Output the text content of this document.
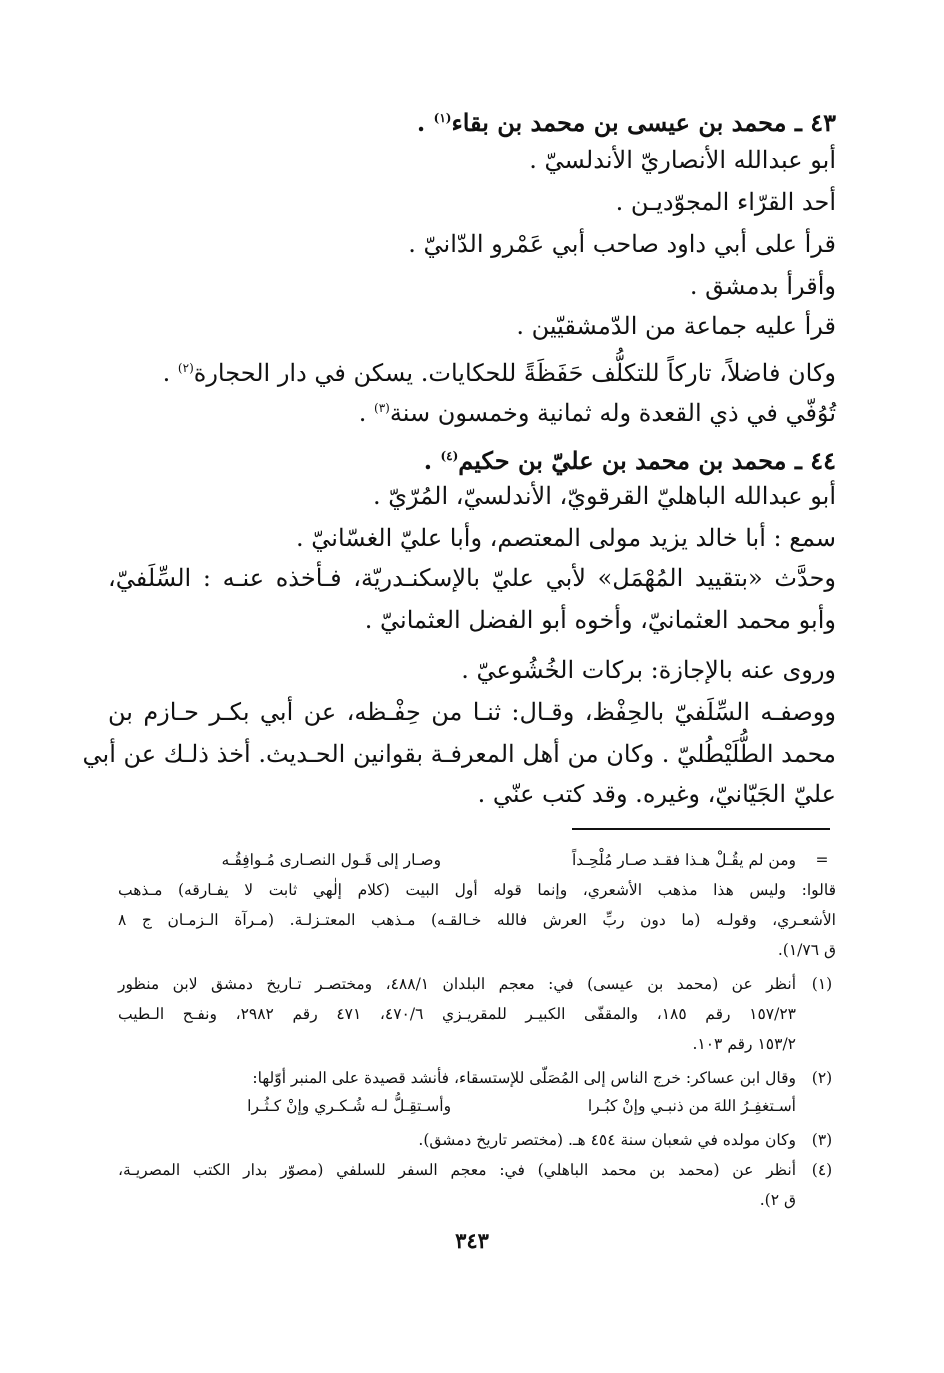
٤٣ ـ محمد بن عيسى بن محمد بن بقاء$^{(١)}$ .
أبو عبدالله الأنصاريّ الأندلسيّ .
أحد القرّاء المجوّديـن .
قرأ على أبي داود صاحب أبي عَمْرو الدّانيّ .
وأقرأ بدمشق .
قرأ عليه جماعة من الدّمشقيّين .
وكان فاضلاً، تاركاً للتكلُّف حَفَظَةً للحكايات. يسكن في دار الحجارة$^{(٢)}$ .
تُوُفّي في ذي القعدة وله ثمانية وخمسون سنة$^{(٣)}$ .
٤٤ ـ محمد بن محمد بن عليّ بن حكيم$^{(٤)}$ .
أبو عبدالله الباهليّ القرقويّ، الأندلسيّ، المُرّيّ .
سمع : أبا خالد يزيد مولى المعتصم، وأبا عليّ الغسّانيّ .
وحدَّث «بتقييد المُهْمَل» لأبي عليّ بالإسكنـدريّة، فـأخذه عنـه : السِّلَفيّ،
وأبو محمد العثمانيّ، وأخوه أبو الفضل العثمانيّ .
وروى عنه بالإجازة: بركات الخُشُوعيّ .
ووصفـه السِّلَفيّ بالحِفْظ، وقـال: ثنـا من حِفْـظه، عن أبي بكـر حـازم بن
محمد الطُّلَيْطُليّ . وكان من أهل المعرفـة بقوانين الحـديث. أخذ ذلـك عن أبي
عليّ الجَيّانيّ، وغيره. وقد كتب عنّي .
=
ومن لم يقُـلْ هـذا فقـد صـار مُلْحِـداً وصـار إلى قَـول النصـارى مُـوافِقُـه
قالوا: وليس هذا مذهب الأشعري، وإنما قوله أول البيت (كلام إلٰهي ثابت لا يفـارقه) مـذهب
الأشعـري، وقولـه (ما دون ربِّ العرش فالله خـالقـه) مـذهب المعتـزلـة. (مـرآة الـزمـان ج ٨
ق ١/٧٦).
(١)
أنظر عن (محمد بن عيسى) في: معجم البلدان ٤٨٨/١، ومختصـر تـاريخ دمشق لابن منظور
١٥٧/٢٣ رقم ١٨٥، والمقفّى الكبيـر للمقريـزي ٤٧٠/٦، ٤٧١ رقم ٢٩٨٢، ونفـح الـطيب
١٥٣/٢ رقم ١٠٣.
(٢)
وقال ابن عساكر: خرج الناس إلى المُصَلّى للإستسقاء، فأنشد قصيدة على المنبر أوّلها:
أسـتغفِـرُ اللهَ من ذنبـي وإنْ كبُـرا وأسـتقِـلُّ لـه شُـكـري وإنْ كـثُـرا
(٣)
وكان مولده في شعبان سنة ٤٥٤ هـ. (مختصر تاريخ دمشق).
(٤)
أنظر عن (محمد بن محمد الباهلي) في: معجم السفر للسلفي (مصوّر بدار الكتب المصريـة،
ق ٢).
٣٤٣
